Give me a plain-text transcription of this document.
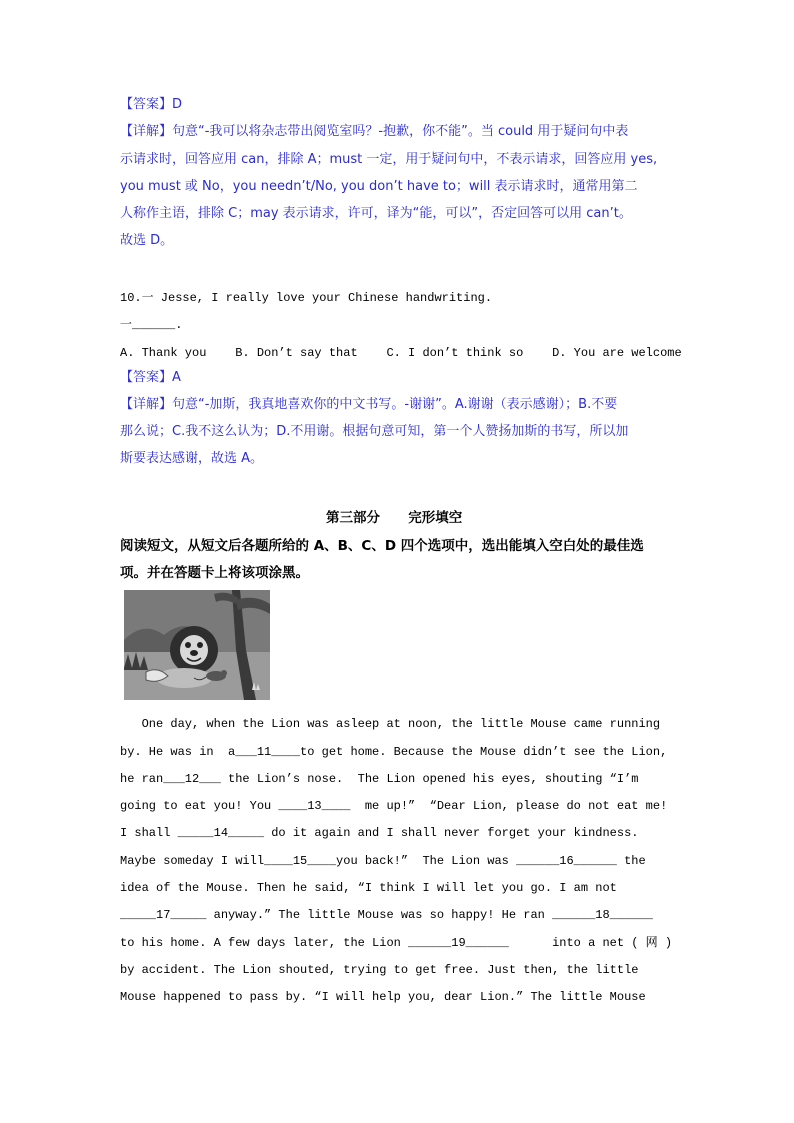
【答案】D
【详解】句意“-我可以将杂志带出阅览室吗？-抱歉，你不能”。当 could 用于疑问句中表
示请求时，回答应用 can，排除 A；must 一定，用于疑问句中，不表示请求，回答应用 yes,
you must 或 No，you needn’t/No, you don’t have to；will 表示请求时，通常用第二
人称作主语，排除 C；may 表示请求，许可，译为“能，可以”，否定回答可以用 can’t。
故选 D。
10.一 Jesse, I really love your Chinese handwriting.
一______.
A. Thank you    B. Don’t say that    C. I don’t think so    D. You are welcome
【答案】A
【详解】句意“-加斯，我真地喜欢你的中文书写。-谢谢”。A.谢谢（表示感谢）；B.不要
那么说；C.我不这么认为；D.不用谢。根据句意可知，第一个人赞扬加斯的书写，所以加
斯要表达感谢，故选 A。
第三部分      完形填空
阅读短文，从短文后各题所给的 A、B、C、D 四个选项中，选出能填入空白处的最佳选
项。并在答题卡上将该项涂黑。
One day, when the Lion was asleep at noon, the little Mouse came running
by. He was in  a___11____to get home. Because the Mouse didn’t see the Lion,
he ran___12___ the Lion’s nose.  The Lion opened his eyes, shouting “I’m
going to eat you! You ____13____  me up!”  “Dear Lion, please do not eat me!
I shall _____14_____ do it again and I shall never forget your kindness.
Maybe someday I will____15____you back!”  The Lion was ______16______ the
idea of the Mouse. Then he said, “I think I will let you go. I am not
_____17_____ anyway.” The little Mouse was so happy! He ran ______18______
to his home. A few days later, the Lion ______19______      into a net ( 网 )
by accident. The Lion shouted, trying to get free. Just then, the little
Mouse happened to pass by. “I will help you, dear Lion.” The little Mouse
